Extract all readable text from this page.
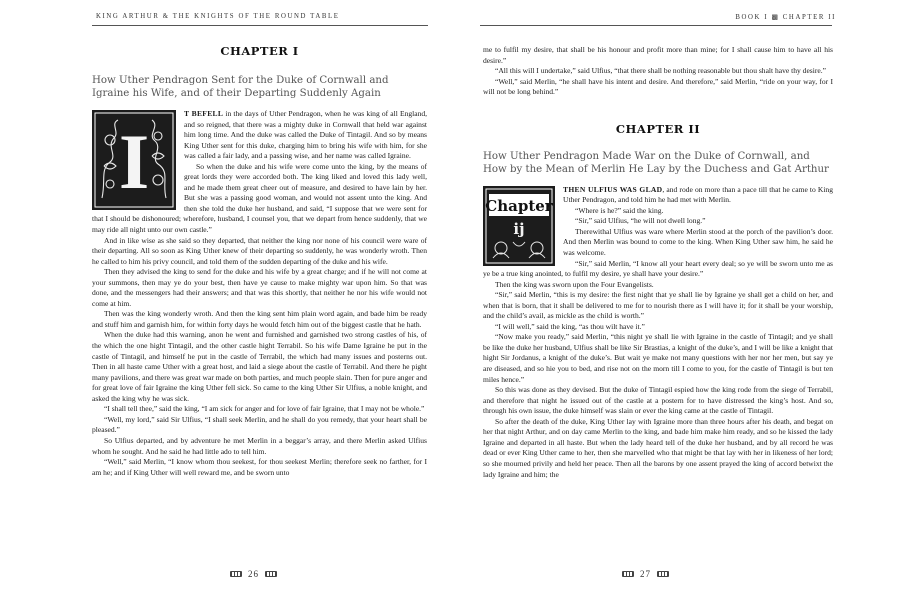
KING ARTHUR & THE KNIGHTS OF THE ROUND TABLE
CHAPTER I
How Uther Pendragon Sent for the Duke of Cornwall and Igraine his Wife, and of their Departing Suddenly Again
I

T BEFELL in the days of Uther Pendragon, when he was king of all England, and so reigned, that there was a mighty duke in Cornwall that held war against him long time. And the duke was called the Duke of Tintagil. And so by means King Uther sent for this duke, charging him to bring his wife with him, for she was called a fair lady, and a passing wise, and her name was called Igraine.

So when the duke and his wife were come unto the king, by the means of great lords they were accorded both. The king liked and loved this lady well, and he made them great cheer out of measure, and desired to have lain by her. But she was a passing good woman, and would not assent unto the king. And then she told the duke her husband, and said, “I suppose that we were sent for that I should be dishonoured; wherefore, husband, I counsel you, that we depart from hence suddenly, that we may ride all night unto our own castle.”

And in like wise as she said so they departed, that neither the king nor none of his council were ware of their departing. All so soon as King Uther knew of their departing so suddenly, he was wonderly wroth. Then he called to him his privy council, and told them of the sudden departing of the duke and his wife.

Then they advised the king to send for the duke and his wife by a great charge; and if he will not come at your summons, then may ye do your best, then have ye cause to make mighty war upon him. So that was done, and the messengers had their answers; and that was this shortly, that neither he nor his wife would not come at him.

Then was the king wonderly wroth. And then the king sent him plain word again, and bade him be ready and stuff him and garnish him, for within forty days he would fetch him out of the biggest castle that he hath.

When the duke had this warning, anon he went and furnished and garnished two strong castles of his, of the which the one hight Tintagil, and the other castle hight Terrabil. So his wife Dame Igraine he put in the castle of Tintagil, and himself he put in the castle of Terrabil, the which had many issues and posterns out. Then in all haste came Uther with a great host, and laid a siege about the castle of Terrabil. And there he pight many pavilions, and there was great war made on both parties, and much people slain. Then for pure anger and for great love of fair Igraine the king Uther fell sick. So came to the king Uther Sir Ulfius, a noble knight, and asked the king why he was sick.

“I shall tell thee,” said the king, “I am sick for anger and for love of fair Igraine, that I may not be whole.”

“Well, my lord,” said Sir Ulfius, “I shall seek Merlin, and he shall do you remedy, that your heart shall be pleased.”

So Ulfius departed, and by adventure he met Merlin in a beggar’s array, and there Merlin asked Ulfius whom he sought. And he said he had little ado to tell him.

“Well,” said Merlin, “I know whom thou seekest, for thou seekest Merlin; therefore seek no farther, for I am he; and if King Uther will well reward me, and be sworn unto

26
BOOK I ▩ CHAPTER II

me to fulfil my desire, that shall be his honour and profit more than mine; for I shall cause him to have all his desire.”

“All this will I undertake,” said Ulfius, “that there shall be nothing reasonable but thou shalt have thy desire.”

“Well,” said Merlin, “he shall have his intent and desire. And therefore,” said Merlin, “ride on your way, for I will not be long behind.”

CHAPTER II
How Uther Pendragon Made War on the Duke of Cornwall, and How by the Mean of Merlin He Lay by the Duchess and Gat Arthur
Chapter
ij

THEN ULFIUS WAS GLAD, and rode on more than a pace till that he came to King Uther Pendragon, and told him he had met with Merlin.

“Where is he?” said the king.

“Sir,” said Ulfius, “he will not dwell long.”

Therewithal Ulfius was ware where Merlin stood at the porch of the pavilion’s door. And then Merlin was bound to come to the king. When King Uther saw him, he said he was welcome.

“Sir,” said Merlin, “I know all your heart every deal; so ye will be sworn unto me as ye be a true king anointed, to fulfil my desire, ye shall have your desire.”

Then the king was sworn upon the Four Evangelists.

“Sir,” said Merlin, “this is my desire: the first night that ye shall lie by Igraine ye shall get a child on her, and when that is born, that it shall be delivered to me for to nourish there as I will have it; for it shall be your worship, and the child’s avail, as mickle as the child is worth.”

“I will well,” said the king, “as thou wilt have it.”

“Now make you ready,” said Merlin, “this night ye shall lie with Igraine in the castle of Tintagil; and ye shall be like the duke her husband, Ulfius shall be like Sir Brastias, a knight of the duke’s, and I will be like a knight that hight Sir Jordanus, a knight of the duke’s. But wait ye make not many questions with her nor her men, but say ye are diseased, and so hie you to bed, and rise not on the morn till I come to you, for the castle of Tintagil is but ten miles hence.”

So this was done as they devised. But the duke of Tintagil espied how the king rode from the siege of Terrabil, and therefore that night he issued out of the castle at a postern for to have distressed the king’s host. And so, through his own issue, the duke himself was slain or ever the king came at the castle of Tintagil.

So after the death of the duke, King Uther lay with Igraine more than three hours after his death, and begat on her that night Arthur, and on day came Merlin to the king, and bade him make him ready, and so he kissed the lady Igraine and departed in all haste. But when the lady heard tell of the duke her husband, and by all record he was dead or ever King Uther came to her, then she marvelled who that might be that lay with her in likeness of her lord; so she mourned privily and held her peace. Then all the barons by one assent prayed the king of accord betwixt the lady Igraine and him; the

27
